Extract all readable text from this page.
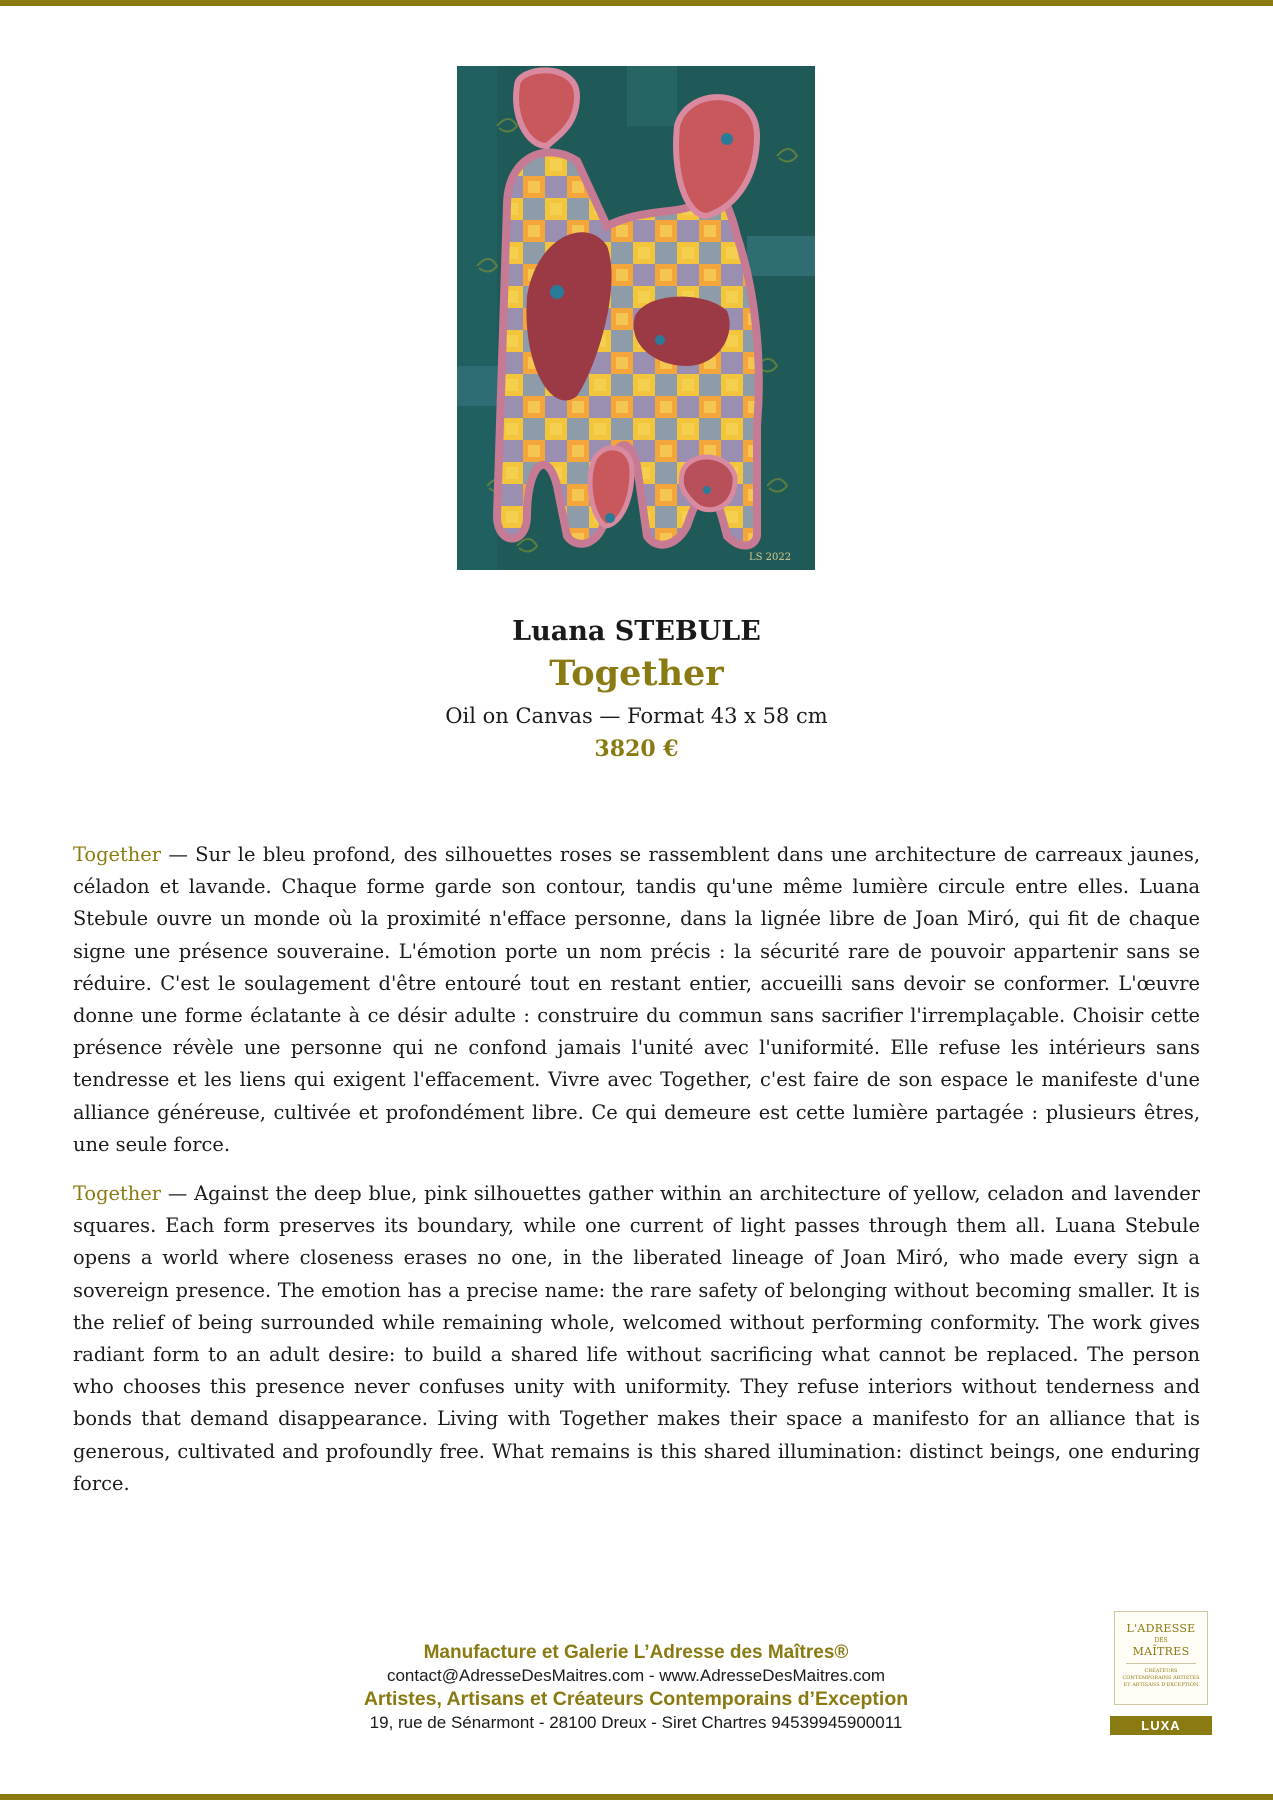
LS 2022
Luana STEBULE
Together
Oil on Canvas — Format 43 x 58 cm
3820 €

Together — Sur le bleu profond, des silhouettes roses se rassemblent dans une architecture de carreaux jaunes, céladon et lavande. Chaque forme garde son contour, tandis qu'une même lumière circule entre elles. Luana Stebule ouvre un monde où la proximité n'efface personne, dans la lignée libre de Joan Miró, qui fit de chaque signe une présence souveraine. L'émotion porte un nom précis : la sécurité rare de pouvoir appartenir sans se réduire. C'est le soulagement d'être entouré tout en restant entier, accueilli sans devoir se conformer. L'œuvre donne une forme éclatante à ce désir adulte : construire du commun sans sacrifier l'irremplaçable. Choisir cette présence révèle une personne qui ne confond jamais l'unité avec l'uniformité. Elle refuse les intérieurs sans tendresse et les liens qui exigent l'effacement. Vivre avec Together, c'est faire de son espace le manifeste d'une alliance généreuse, cultivée et profondément libre. Ce qui demeure est cette lumière partagée : plusieurs êtres, une seule force.

Together — Against the deep blue, pink silhouettes gather within an architecture of yellow, celadon and lavender squares. Each form preserves its boundary, while one current of light passes through them all. Luana Stebule opens a world where closeness erases no one, in the liberated lineage of Joan Miró, who made every sign a sovereign presence. The emotion has a precise name: the rare safety of belonging without becoming smaller. It is the relief of being surrounded while remaining whole, welcomed without performing conformity. The work gives radiant form to an adult desire: to build a shared life without sacrificing what cannot be replaced. The person who chooses this presence never confuses unity with uniformity. They refuse interiors without tenderness and bonds that demand disappearance. Living with Together makes their space a manifesto for an alliance that is generous, cultivated and profoundly free. What remains is this shared illumination: distinct beings, one enduring force.

Manufacture et Galerie L’Adresse des Maîtres®
contact@AdresseDesMaitres.com - www.AdresseDesMaitres.com
Artistes, Artisans et Créateurs Contemporains d’Exception
19, rue de Sénarmont - 28100 Dreux - Siret Chartres 94539945900011
L'ADRESSE
DES
MAÎTRES
CRÉATEURS CONTEMPORAINS ARTISTES ET ARTISANS D'EXCEPTION
LUXA
